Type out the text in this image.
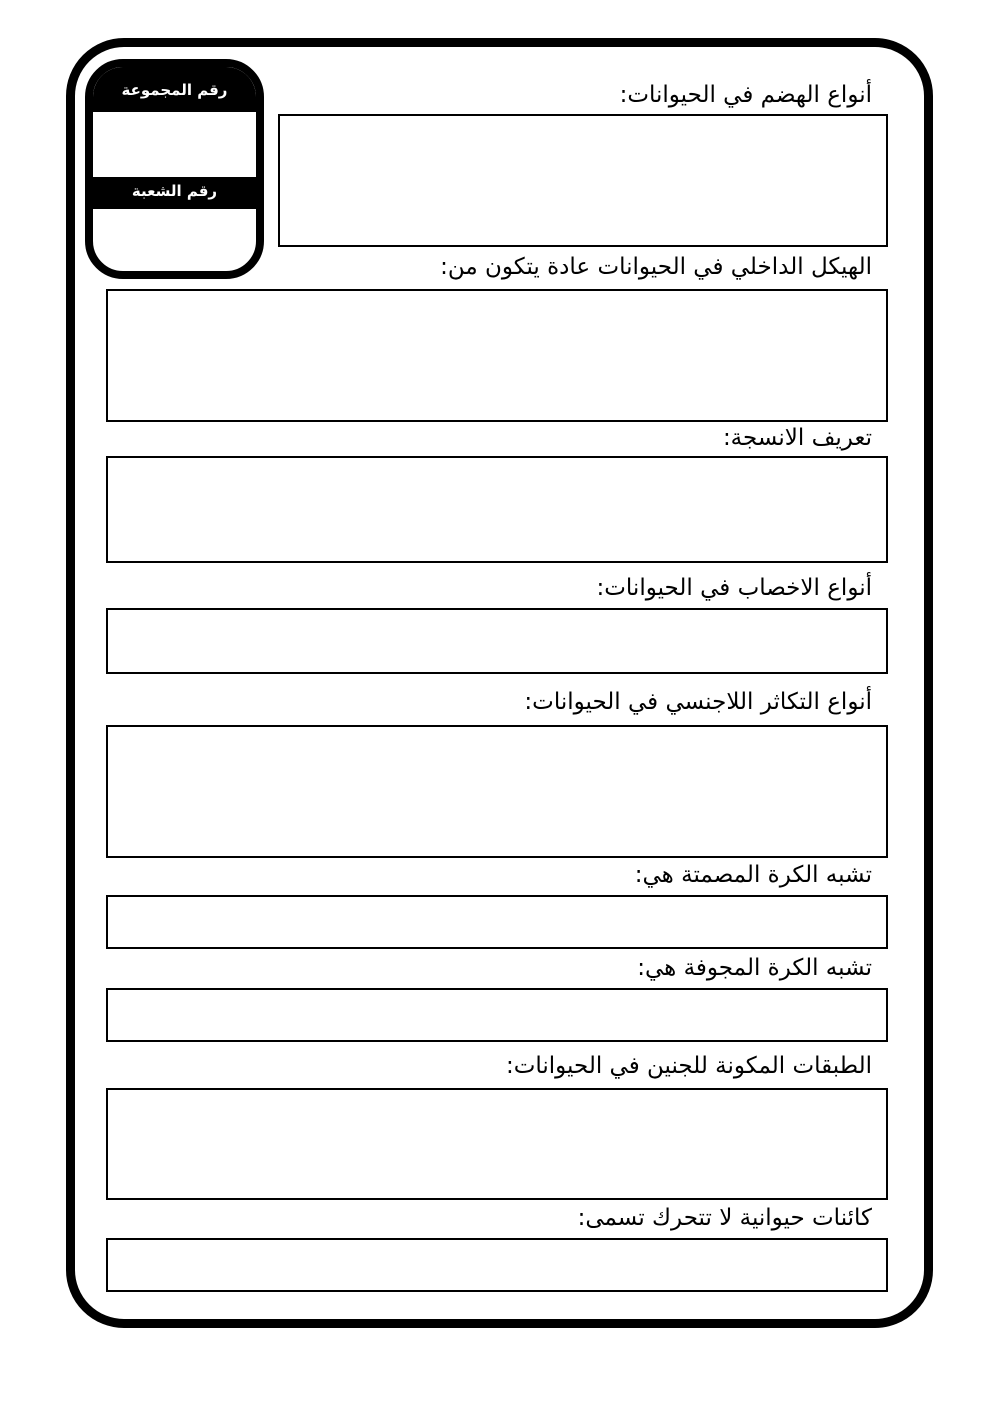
رقم المجموعة
رقم الشعبة
أنواع الهضم في الحيوانات:
الهيكل الداخلي في الحيوانات عادة يتكون من:
تعريف الانسجة:
أنواع الاخصاب في الحيوانات:
أنواع التكاثر اللاجنسي في الحيوانات:
تشبه الكرة المصمتة هي:
تشبه الكرة المجوفة هي:
الطبقات المكونة للجنين في الحيوانات:
كائنات حيوانية لا تتحرك تسمى:
